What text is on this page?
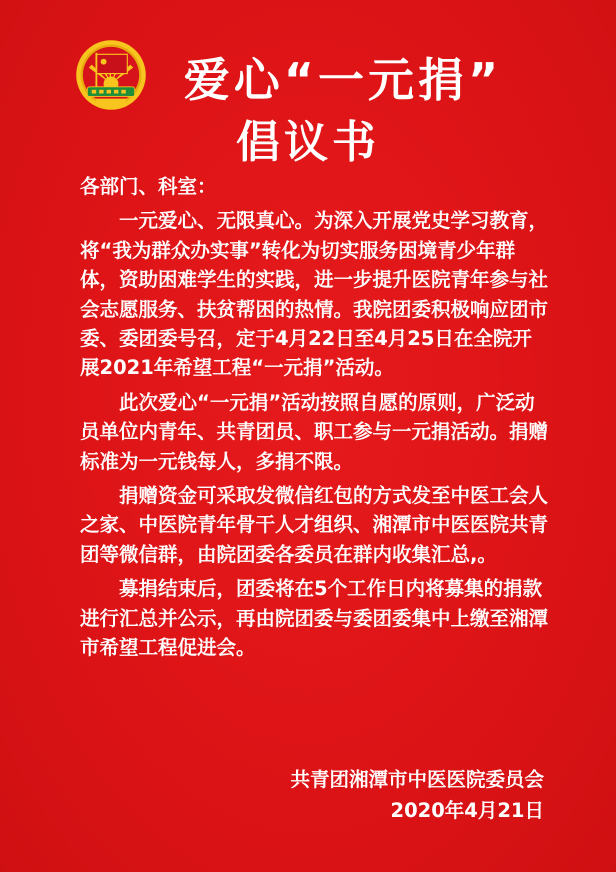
爱心“一元捐”
倡议书

各部门、科室：

一元爱心、无限真心。为深入开展党史学习教育，将“我为群众办实事”转化为切实服务困境青少年群体，资助困难学生的实践，进一步提升医院青年参与社会志愿服务、扶贫帮困的热情。我院团委积极响应团市委、委团委号召，定于4月22日至4月25日在全院开展2021年希望工程“一元捐”活动。

此次爱心“一元捐”活动按照自愿的原则，广泛动员单位内青年、共青团员、职工参与一元捐活动。捐赠标准为一元钱每人，多捐不限。

捐赠资金可采取发微信红包的方式发至中医工会人之家、中医院青年骨干人才组织、湘潭市中医医院共青团等微信群，由院团委各委员在群内收集汇总,。

募捐结束后，团委将在5个工作日内将募集的捐款进行汇总并公示，再由院团委与委团委集中上缴至湘潭市希望工程促进会。

共青团湘潭市中医医院委员会
2020年4月21日
